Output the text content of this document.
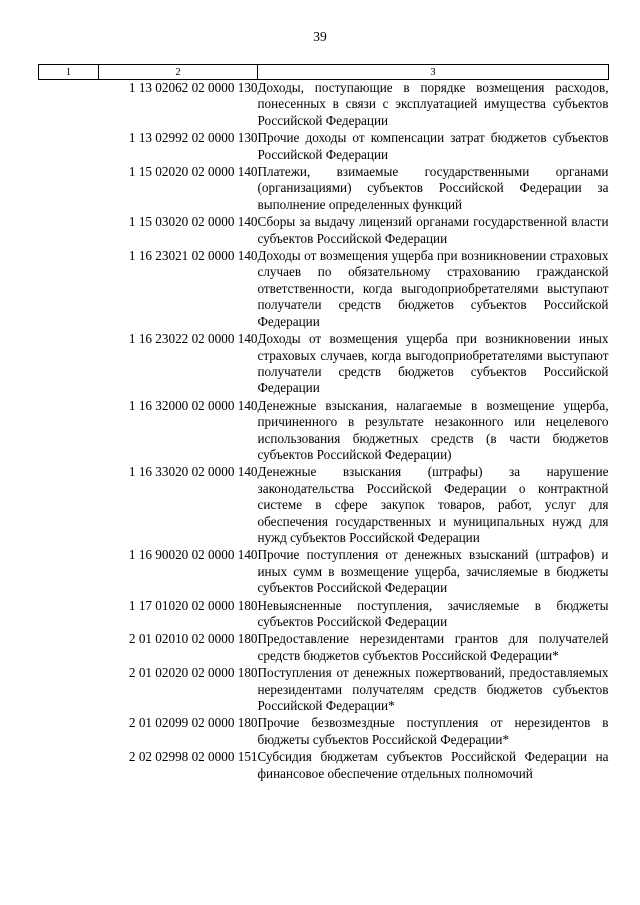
39
1	2	3
	1 13 02062 02 0000 130	Доходы, поступающие в порядке возмещения расходов, понесенных в связи с эксплуатацией имущества субъектов Российской Федерации
	1 13 02992 02 0000 130	Прочие доходы от компенсации затрат бюджетов субъектов Российской Федерации
	1 15 02020 02 0000 140	Платежи, взимаемые государственными органами (организациями) субъектов Российской Федерации за выполнение определенных функций
	1 15 03020 02 0000 140	Сборы за выдачу лицензий органами государственной власти субъектов Российской Федерации
	1 16 23021 02 0000 140	Доходы от возмещения ущерба при возникновении страховых случаев по обязательному страхованию гражданской ответственности, когда выгодоприобретателями выступают получатели средств бюджетов субъектов Российской Федерации
	1 16 23022 02 0000 140	Доходы от возмещения ущерба при возникновении иных страховых случаев, когда выгодоприобретателями выступают получатели средств бюджетов субъектов Российской Федерации
	1 16 32000 02 0000 140	Денежные взыскания, налагаемые в возмещение ущерба, причиненного в результате незаконного или нецелевого использования бюджетных средств (в части бюджетов субъектов Российской Федерации)
	1 16 33020 02 0000 140	Денежные взыскания (штрафы) за нарушение законодательства Российской Федерации о контрактной системе в сфере закупок товаров, работ, услуг для обеспечения государственных и муниципальных нужд для нужд субъектов Российской Федерации
	1 16 90020 02 0000 140	Прочие поступления от денежных взысканий (штрафов) и иных сумм в возмещение ущерба, зачисляемые в бюджеты субъектов Российской Федерации
	1 17 01020 02 0000 180	Невыясненные поступления, зачисляемые в бюджеты субъектов Российской Федерации
	2 01 02010 02 0000 180	Предоставление нерезидентами грантов для получателей средств бюджетов субъектов Российской Федерации*
	2 01 02020 02 0000 180	Поступления от денежных пожертвований, предоставляемых нерезидентами получателям средств бюджетов субъектов Российской Федерации*
	2 01 02099 02 0000 180	Прочие безвозмездные поступления от нерезидентов в бюджеты субъектов Российской Федерации*
	2 02 02998 02 0000 151	Субсидия бюджетам субъектов Российской Федерации на финансовое обеспечение отдельных полномочий
